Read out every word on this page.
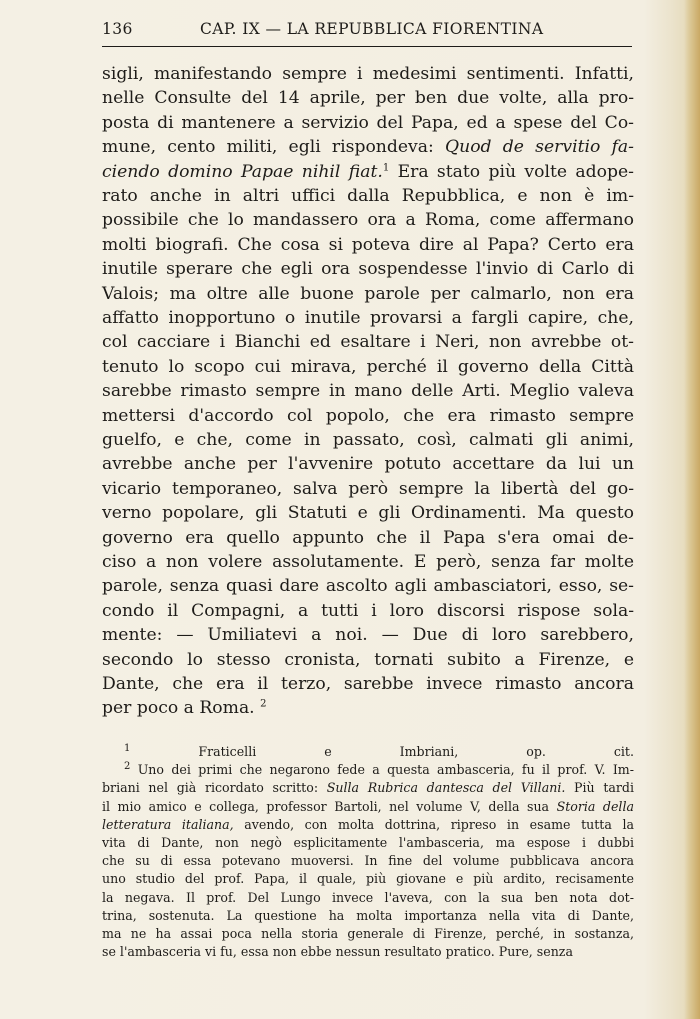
136	CAP. IX — LA REPUBBLICA FIORENTINA
sigli, manifestando sempre i medesimi sentimenti. Infatti,
nelle Consulte del 14 aprile, per ben due volte, alla pro-
posta di mantenere a servizio del Papa, ed a spese del Co-
mune, cento militi, egli rispondeva: Quod de servitio fa-
ciendo domino Papae nihil fiat.$^1$ Era stato più volte adope-
rato anche in altri uffici dalla Repubblica, e non è im-
possibile che lo mandassero ora a Roma, come affermano
molti biografi. Che cosa si poteva dire al Papa? Certo era
inutile sperare che egli ora sospendesse l'invio di Carlo di
Valois; ma oltre alle buone parole per calmarlo, non era
affatto inopportuno o inutile provarsi a fargli capire, che,
col cacciare i Bianchi ed esaltare i Neri, non avrebbe ot-
tenuto lo scopo cui mirava, perché il governo della Città
sarebbe rimasto sempre in mano delle Arti. Meglio valeva
mettersi d'accordo col popolo, che era rimasto sempre
guelfo, e che, come in passato, così, calmati gli animi,
avrebbe anche per l'avvenire potuto accettare da lui un
vicario temporaneo, salva però sempre la libertà del go-
verno popolare, gli Statuti e gli Ordinamenti. Ma questo
governo era quello appunto che il Papa s'era omai de-
ciso a non volere assolutamente. E però, senza far molte
parole, senza quasi dare ascolto agli ambasciatori, esso, se-
condo il Compagni, a tutti i loro discorsi rispose sola-
mente: — Umiliatevi a noi. — Due di loro sarebbero,
secondo lo stesso cronista, tornati subito a Firenze, e
Dante, che era il terzo, sarebbe invece rimasto ancora
per poco a Roma. $^2$
$^1$ Fraticelli e Imbriani, op. cit.
$^2$ Uno dei primi che negarono fede a questa ambasceria, fu il prof. V. Im-
briani nel già ricordato scritto: Sulla Rubrica dantesca del Villani. Più tardi
il mio amico e collega, professor Bartoli, nel volume V, della sua Storia della
letteratura italiana, avendo, con molta dottrina, ripreso in esame tutta la
vita di Dante, non negò esplicitamente l'ambasceria, ma espose i dubbi
che su di essa potevano muoversi. In fine del volume pubblicava ancora
uno studio del prof. Papa, il quale, più giovane e più ardito, recisamente
la negava. Il prof. Del Lungo invece l'aveva, con la sua ben nota dot-
trina, sostenuta. La questione ha molta importanza nella vita di Dante,
ma ne ha assai poca nella storia generale di Firenze, perché, in sostanza,
se l'ambasceria vi fu, essa non ebbe nessun resultato pratico. Pure, senza
